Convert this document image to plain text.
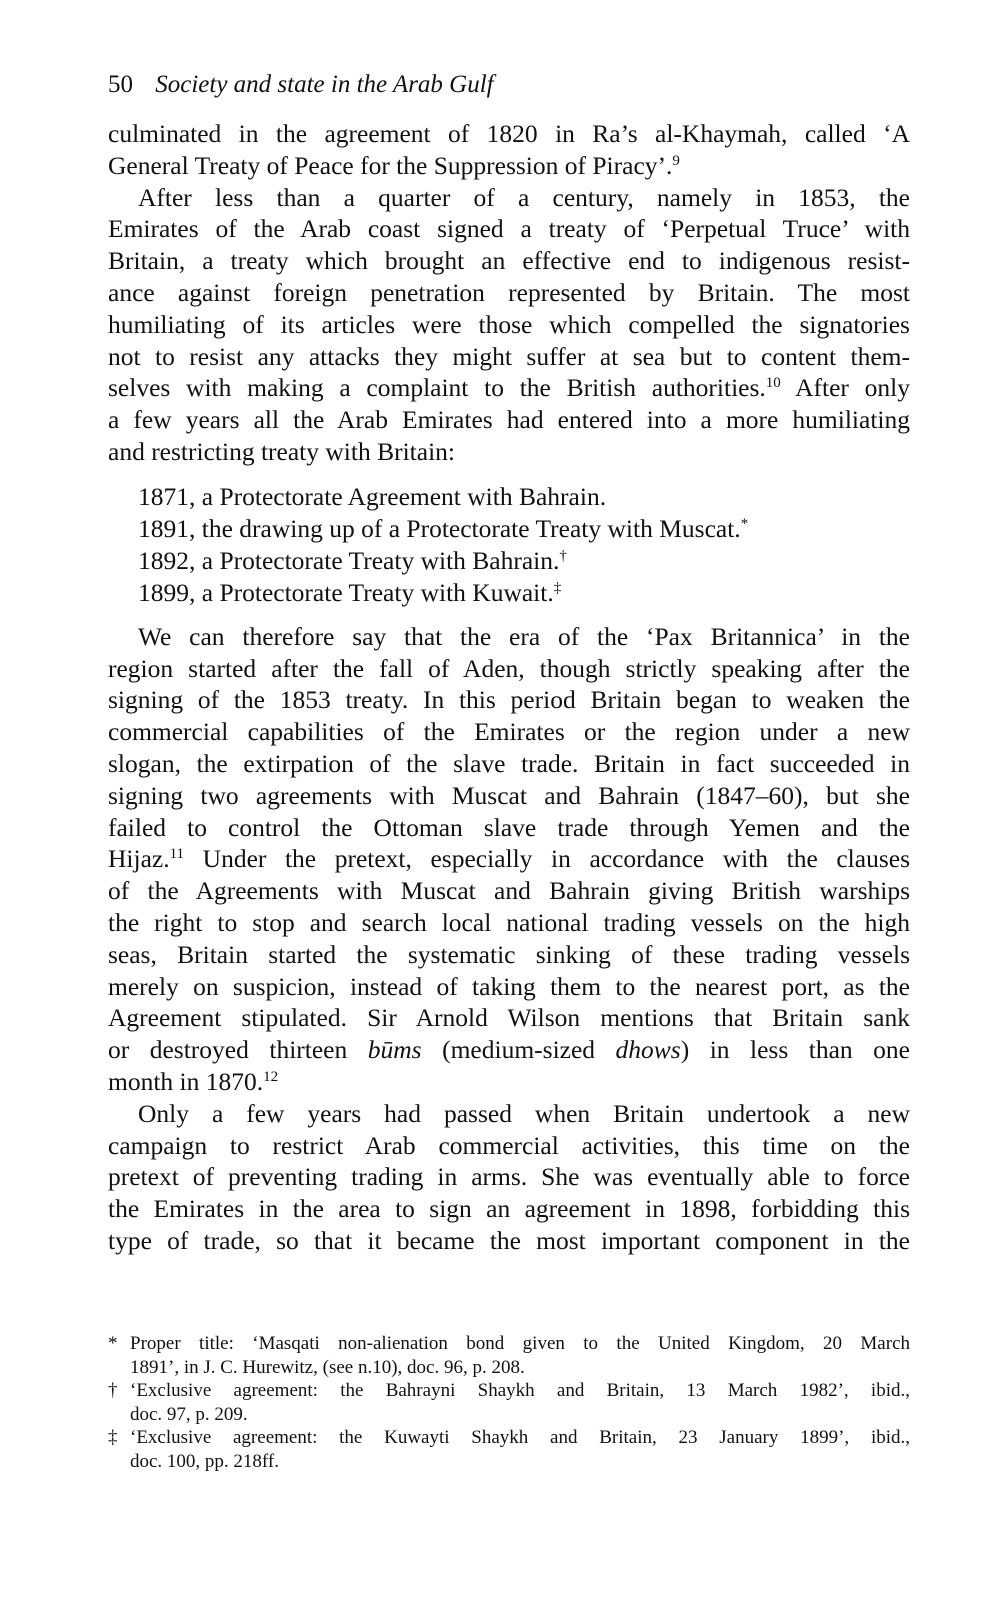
50 Society and state in the Arab Gulf
culminated in the agreement of 1820 in Ra’s al-Khaymah, called ‘A
General Treaty of Peace for the Suppression of Piracy’.$^9$
After less than a quarter of a century, namely in 1853, the
Emirates of the Arab coast signed a treaty of ‘Perpetual Truce’ with
Britain, a treaty which brought an effective end to indigenous resist-
ance against foreign penetration represented by Britain. The most
humiliating of its articles were those which compelled the signatories
not to resist any attacks they might suffer at sea but to content them-
selves with making a complaint to the British authorities.$^{10}$ After only
a few years all the Arab Emirates had entered into a more humiliating
and restricting treaty with Britain:
1871, a Protectorate Agreement with Bahrain.
1891, the drawing up of a Protectorate Treaty with Muscat.*
1892, a Protectorate Treaty with Bahrain.†
1899, a Protectorate Treaty with Kuwait.‡
We can therefore say that the era of the ‘Pax Britannica’ in the
region started after the fall of Aden, though strictly speaking after the
signing of the 1853 treaty. In this period Britain began to weaken the
commercial capabilities of the Emirates or the region under a new
slogan, the extirpation of the slave trade. Britain in fact succeeded in
signing two agreements with Muscat and Bahrain (1847–60), but she
failed to control the Ottoman slave trade through Yemen and the
Hijaz.$^{11}$ Under the pretext, especially in accordance with the clauses
of the Agreements with Muscat and Bahrain giving British warships
the right to stop and search local national trading vessels on the high
seas, Britain started the systematic sinking of these trading vessels
merely on suspicion, instead of taking them to the nearest port, as the
Agreement stipulated. Sir Arnold Wilson mentions that Britain sank
or destroyed thirteen būms (medium-sized dhows) in less than one
month in 1870.12
Only a few years had passed when Britain undertook a new
campaign to restrict Arab commercial activities, this time on the
pretext of preventing trading in arms. She was eventually able to force
the Emirates in the area to sign an agreement in 1898, forbidding this
type of trade, so that it became the most important component in the
* Proper title: ‘Masqati non-alienation bond given to the United Kingdom, 20 March
1891’, in J. C. Hurewitz, (see n.10), doc. 96, p. 208.
† ‘Exclusive agreement: the Bahrayni Shaykh and Britain, 13 March 1982’, ibid.,
doc. 97, p. 209.
‡ ‘Exclusive agreement: the Kuwayti Shaykh and Britain, 23 January 1899’, ibid.,
doc. 100, pp. 218ff.
